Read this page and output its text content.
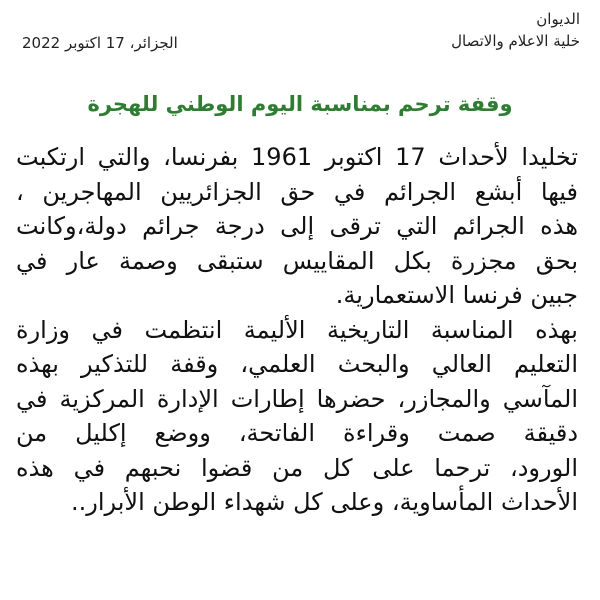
الديوان
خلية الاعلام والاتصال
الجزائر، 17 اكتوبر 2022
وقفة ترحم بمناسبة اليوم الوطني للهجرة
تخليدا لأحداث 17 اكتوبر 1961 بفرنسا، والتي ارتكبت
فيها أبشع الجرائم في حق الجزائريين المهاجرين ،
هذه الجرائم التي ترقى إلى درجة جرائم دولة،وكانت
بحق مجزرة بكل المقاييس ستبقى وصمة عار في
جبين فرنسا الاستعمارية.
بهذه المناسبة التاريخية الأليمة انتظمت في وزارة
التعليم العالي والبحث العلمي، وقفة للتذكير بهذه
المآسي والمجازر، حضرها إطارات الإدارة المركزية في
دقيقة صمت وقراءة الفاتحة، ووضع إكليل من
الورود، ترحما على كل من قضوا نحبهم في هذه
الأحداث المأساوية، وعلى كل شهداء الوطن الأبرار..
